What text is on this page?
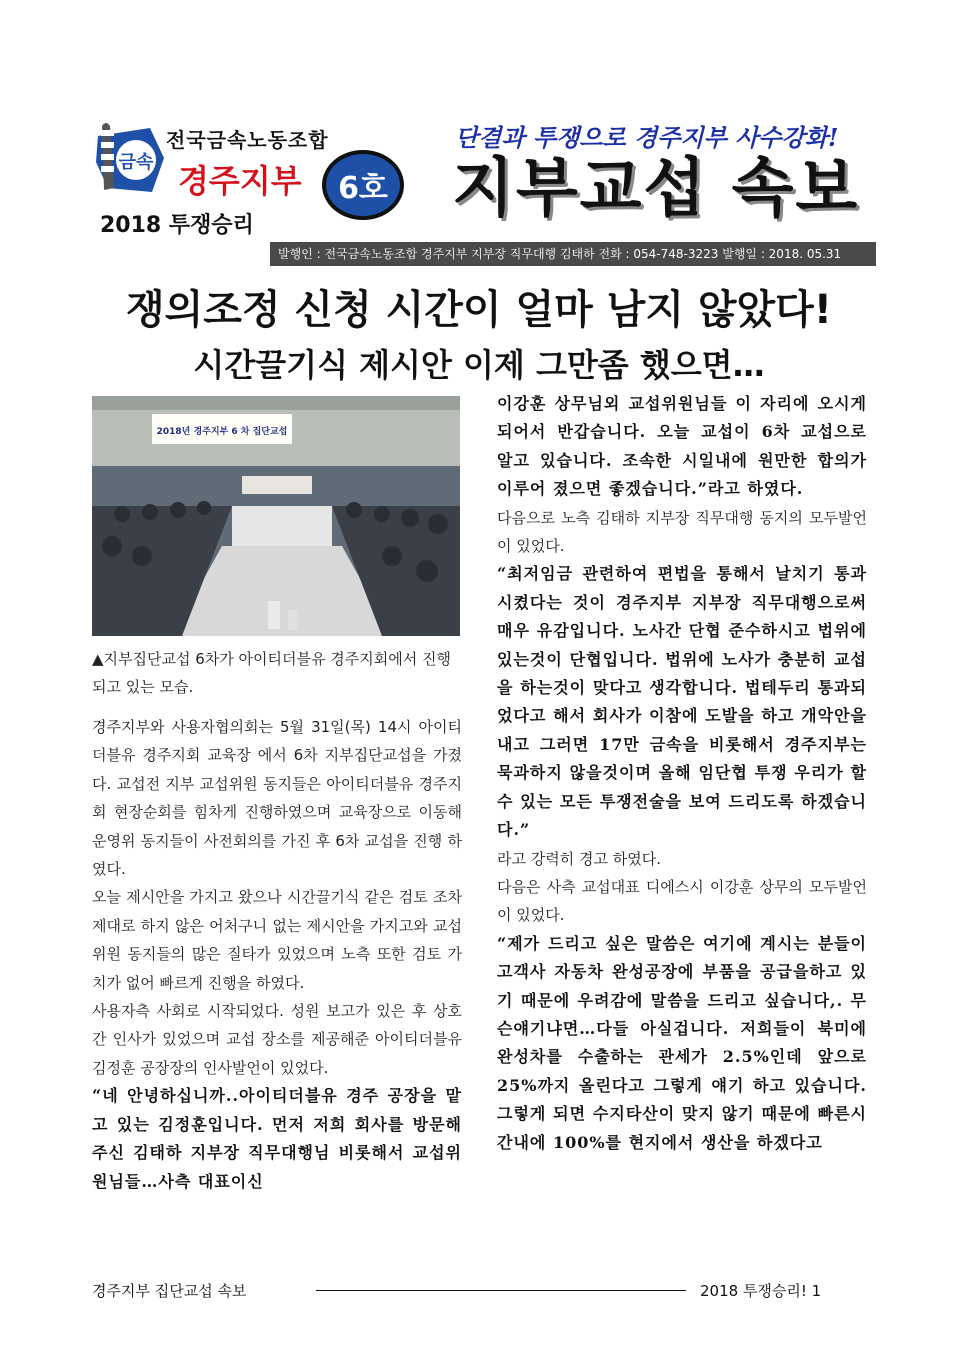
금속
전국금속노동조합
경주지부
2018 투쟁승리
6호
단결과 투쟁으로 경주지부 사수강화!
지부교섭 속보
발행인 : 전국금속노동조합 경주지부 지부장 직무대행 김태하 전화 : 054-748-3223 발행일 : 2018. 05.31
쟁의조정 신청 시간이 얼마 남지 않았다!
시간끌기식 제시안 이제 그만좀 했으면…
2018년 경주지부 6 차 집단교섭
▲지부집단교섭 6차가 아이티더블유 경주지회에서 진행되고 있는 모습.

경주지부와 사용자협의회는 5월 31일(목) 14시 아이티더블유 경주지회 교육장 에서 6차 지부집단교섭을 가졌다. 교섭전 지부 교섭위원 동지들은 아이티더블유 경주지회 현장순회를 힘차게 진행하였으며 교육장으로 이동해 운영위 동지들이 사전회의를 가진 후 6차 교섭을 진행 하였다.

오늘 제시안을 가지고 왔으나 시간끌기식 같은 검토 조차 제대로 하지 않은 어처구니 없는 제시안을 가지고와 교섭위원 동지들의 많은 질타가 있었으며 노측 또한 검토 가치가 없어 빠르게 진행을 하였다.

사용자측 사회로 시작되었다. 성원 보고가 있은 후 상호간 인사가 있었으며 교섭 장소를 제공해준 아이티더블유 김정훈 공장장의 인사발언이 있었다.

“네 안녕하십니까..아이티더블유 경주 공장을 맡고 있는 김정훈입니다. 먼저 저희 회사를 방문해 주신 김태하 지부장 직무대행님 비롯해서 교섭위원님들…사측 대표이신

이강훈 상무님외 교섭위원님들 이 자리에 오시게 되어서 반갑습니다. 오늘 교섭이 6차 교섭으로 알고 있습니다. 조속한 시일내에 원만한 합의가 이루어 졌으면 좋겠습니다.”라고 하였다.

다음으로 노측 김태하 지부장 직무대행 동지의 모두발언이 있었다.

“최저임금 관련하여 편법을 통해서 날치기 통과시켰다는 것이 경주지부 지부장 직무대행으로써 매우 유감입니다. 노사간 단협 준수하시고 법위에 있는것이 단협입니다. 법위에 노사가 충분히 교섭을 하는것이 맞다고 생각합니다. 법테두리 통과되었다고 해서 회사가 이참에 도발을 하고 개악안을 내고 그러면 17만 금속을 비롯해서 경주지부는 묵과하지 않을것이며 올해 임단협 투쟁 우리가 할수 있는 모든 투쟁전술을 보여 드리도록 하겠습니다.”

라고 강력히 경고 하였다.

다음은 사측 교섭대표 디에스시 이강훈 상무의 모두발언이 있었다.

“제가 드리고 싶은 말씀은 여기에 계시는 분들이 고객사 자동차 완성공장에 부품을 공급을하고 있기 때문에 우려감에 말씀을 드리고 싶습니다,. 무슨얘기냐면…다들 아실겁니다. 저희들이 북미에 완성차를 수출하는 관세가 2.5%인데 앞으로 25%까지 올린다고 그렇게 얘기 하고 있습니다. 그렇게 되면 수지타산이 맞지 않기 때문에 빠른시간내에 100%를 현지에서 생산을 하겠다고

경주지부 집단교섭 속보	2018 투쟁승리! 1
